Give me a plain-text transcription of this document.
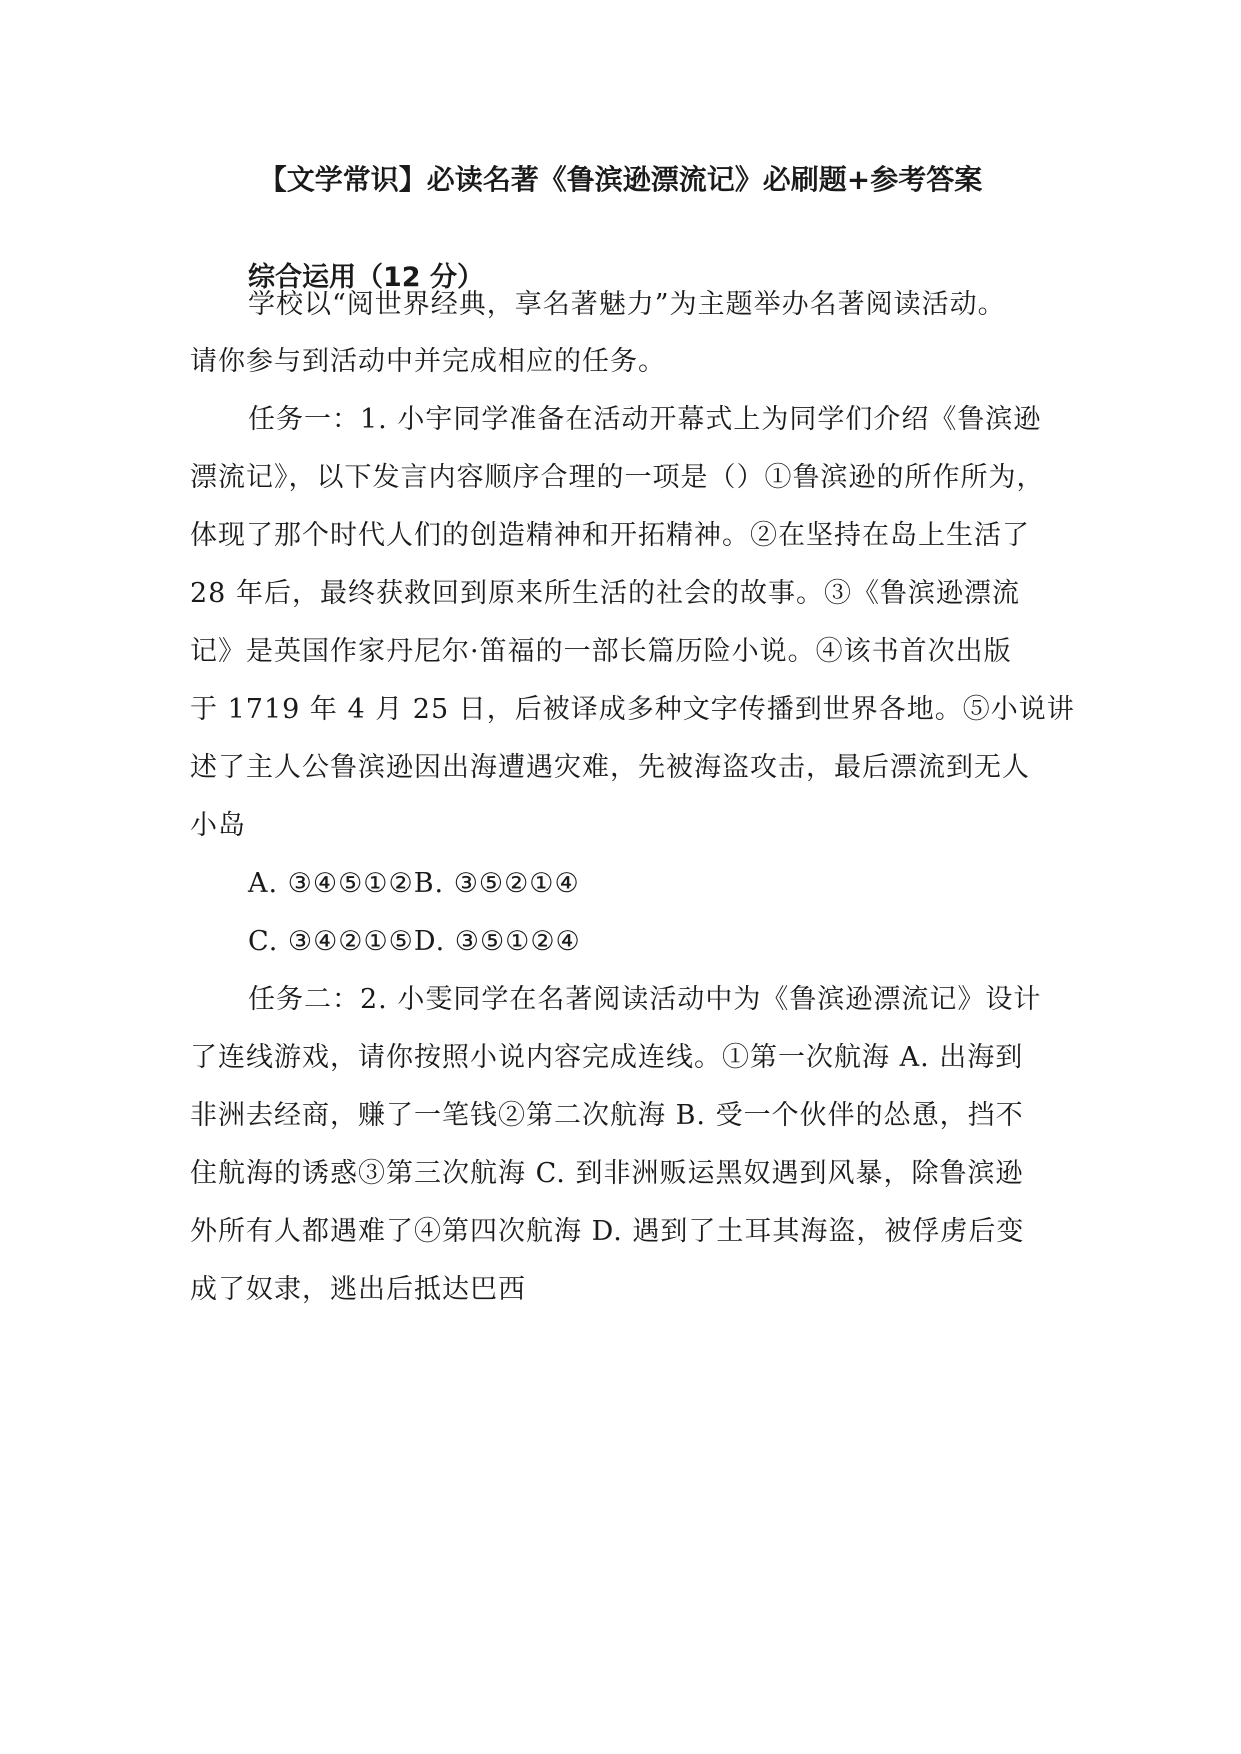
【文学常识】必读名著《鲁滨逊漂流记》必刷题+参考答案
综合运用（12 分）
学校以“阅世界经典，享名著魅力”为主题举办名著阅读活动。
请你参与到活动中并完成相应的任务。
任务一：1. 小宇同学准备在活动开幕式上为同学们介绍《鲁滨逊
漂流记》，以下发言内容顺序合理的一项是（）①鲁滨逊的所作所为，
体现了那个时代人们的创造精神和开拓精神。②在坚持在岛上生活了
28 年后，最终获救回到原来所生活的社会的故事。③《鲁滨逊漂流
记》是英国作家丹尼尔·笛福的一部长篇历险小说。④该书首次出版
于 1719 年 4 月 25 日，后被译成多种文字传播到世界各地。⑤小说讲
述了主人公鲁滨逊因出海遭遇灾难，先被海盗攻击，最后漂流到无人
小岛
A. ③④⑤①②B. ③⑤②①④
C. ③④②①⑤D. ③⑤①②④
任务二：2. 小雯同学在名著阅读活动中为《鲁滨逊漂流记》设计
了连线游戏，请你按照小说内容完成连线。①第一次航海 A. 出海到
非洲去经商，赚了一笔钱②第二次航海 B. 受一个伙伴的怂恿，挡不
住航海的诱惑③第三次航海 C. 到非洲贩运黑奴遇到风暴，除鲁滨逊
外所有人都遇难了④第四次航海 D. 遇到了土耳其海盗，被俘虏后变
成了奴隶，逃出后抵达巴西
